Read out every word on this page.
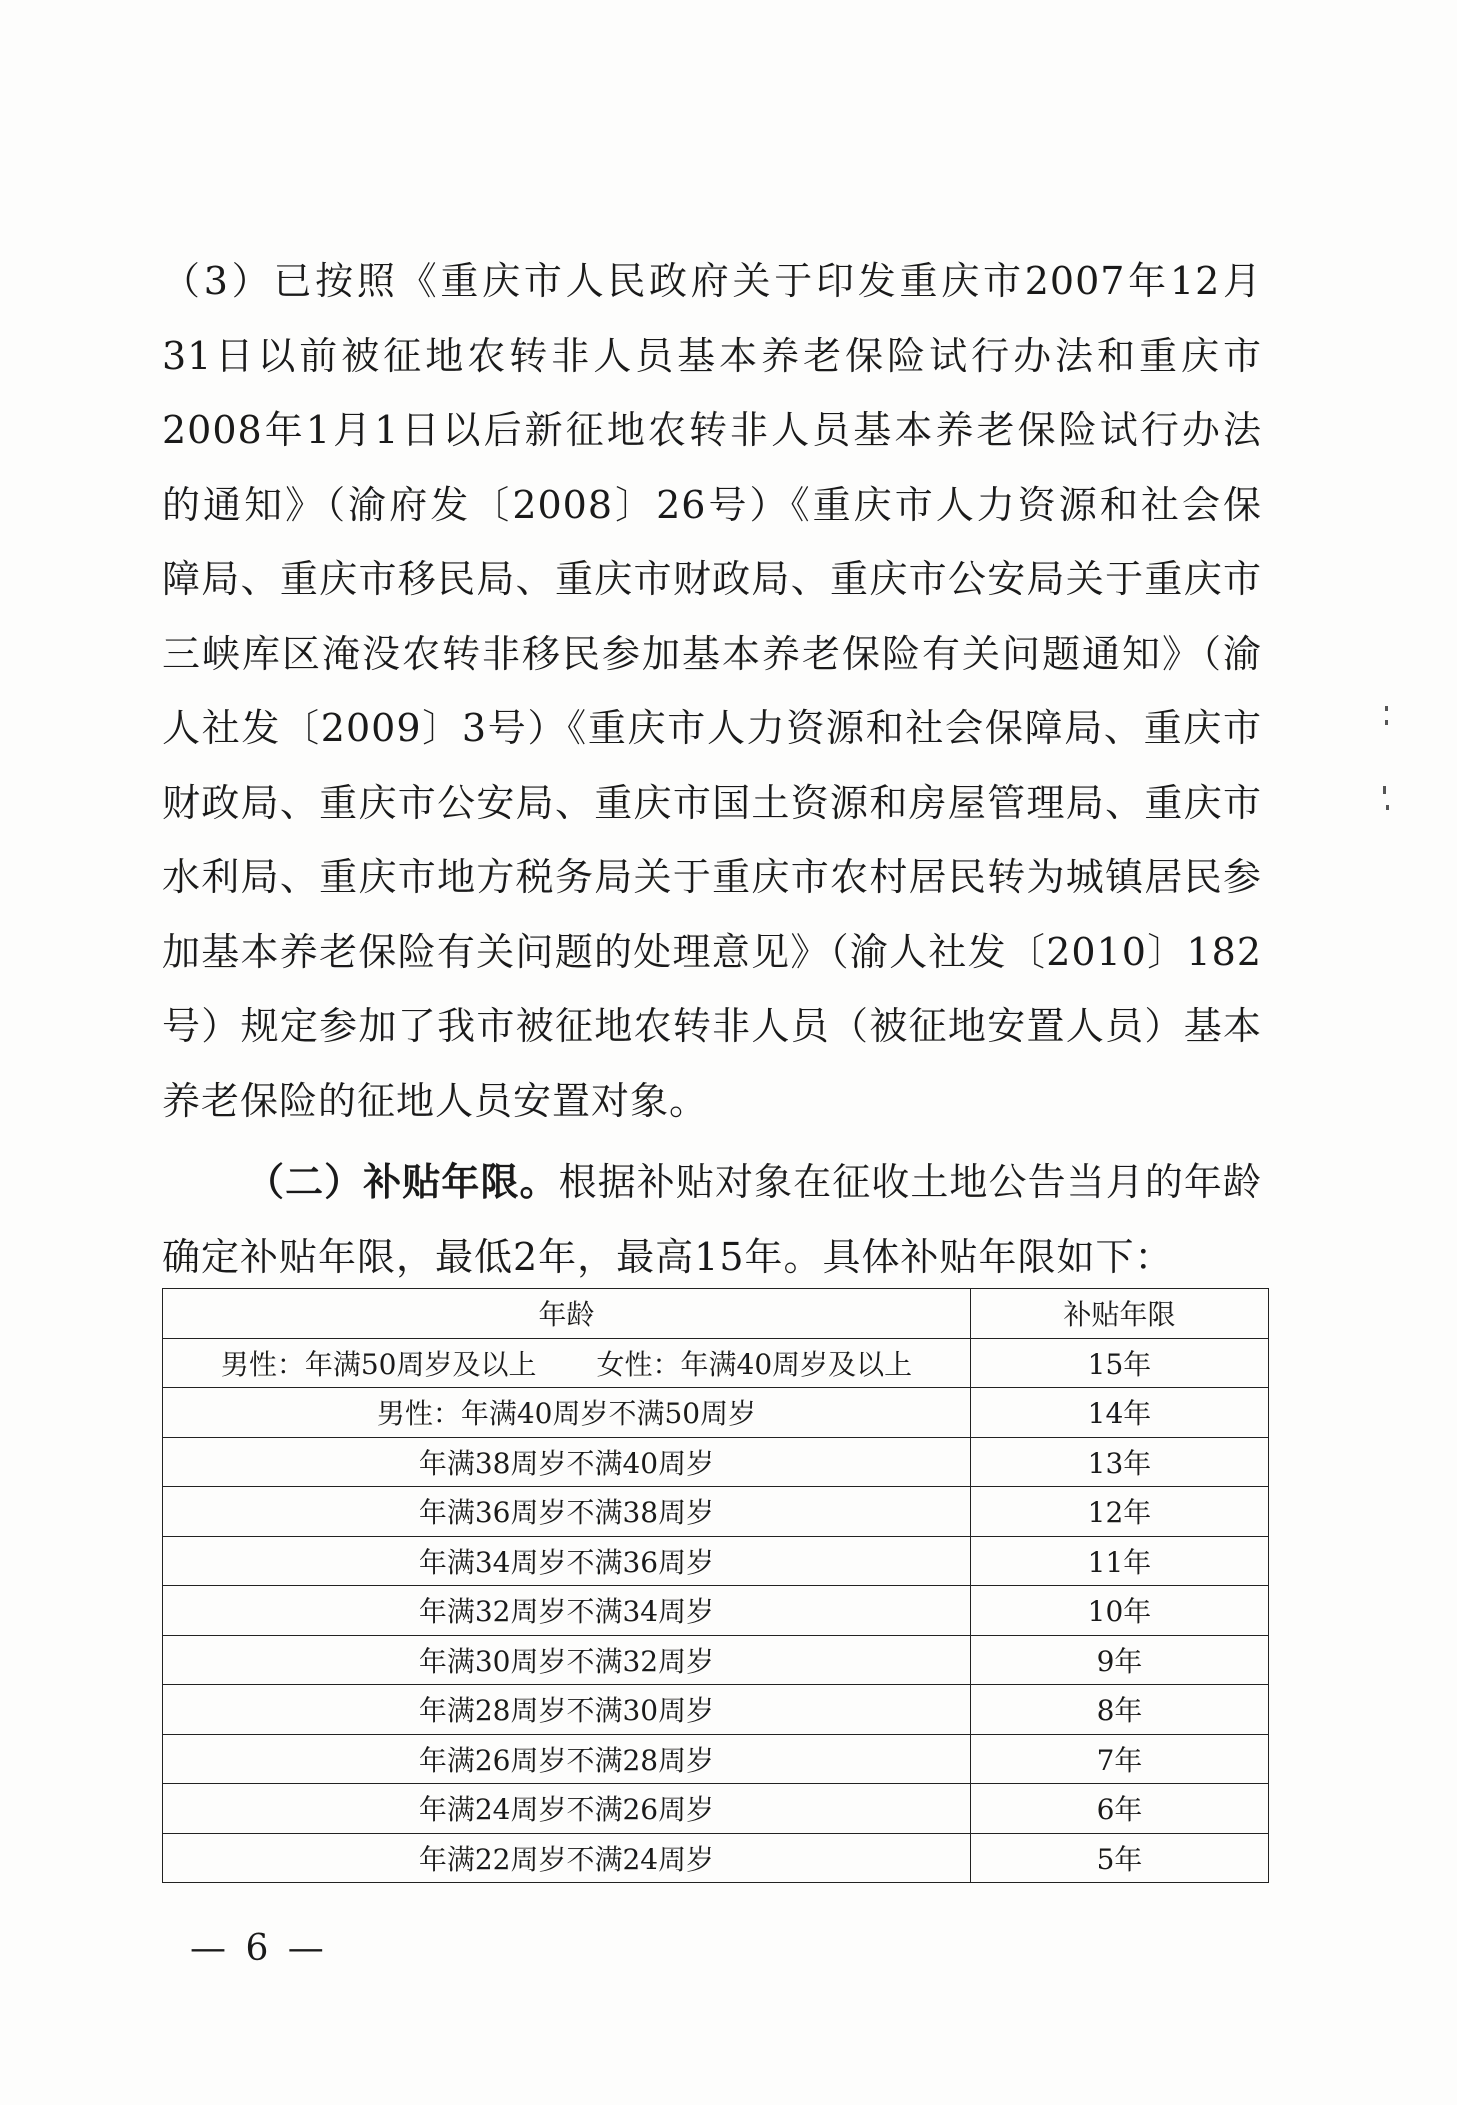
（3）已按照《重庆市人民政府关于印发重庆市2007年12月
31日以前被征地农转非人员基本养老保险试行办法和重庆市
2008年1月1日以后新征地农转非人员基本养老保险试行办法
的通知》（渝府发〔2008〕26号）《重庆市人力资源和社会保
障局、重庆市移民局、重庆市财政局、重庆市公安局关于重庆市
三峡库区淹没农转非移民参加基本养老保险有关问题通知》（渝
人社发〔2009〕3号）《重庆市人力资源和社会保障局、重庆市
财政局、重庆市公安局、重庆市国土资源和房屋管理局、重庆市
水利局、重庆市地方税务局关于重庆市农村居民转为城镇居民参
加基本养老保险有关问题的处理意见》（渝人社发〔2010〕182
号）规定参加了我市被征地农转非人员（被征地安置人员）基本
养老保险的征地人员安置对象。
（二）补贴年限。根据补贴对象在征收土地公告当月的年龄
确定补贴年限，最低2年，最高15年。具体补贴年限如下：
年龄	补贴年限
男性：年满50周岁及以上 女性：年满40周岁及以上	15年
男性：年满40周岁不满50周岁	14年
年满38周岁不满40周岁	13年
年满36周岁不满38周岁	12年
年满34周岁不满36周岁	11年
年满32周岁不满34周岁	10年
年满30周岁不满32周岁	9年
年满28周岁不满30周岁	8年
年满26周岁不满28周岁	7年
年满24周岁不满26周岁	6年
年满22周岁不满24周岁	5年
— 6 —
